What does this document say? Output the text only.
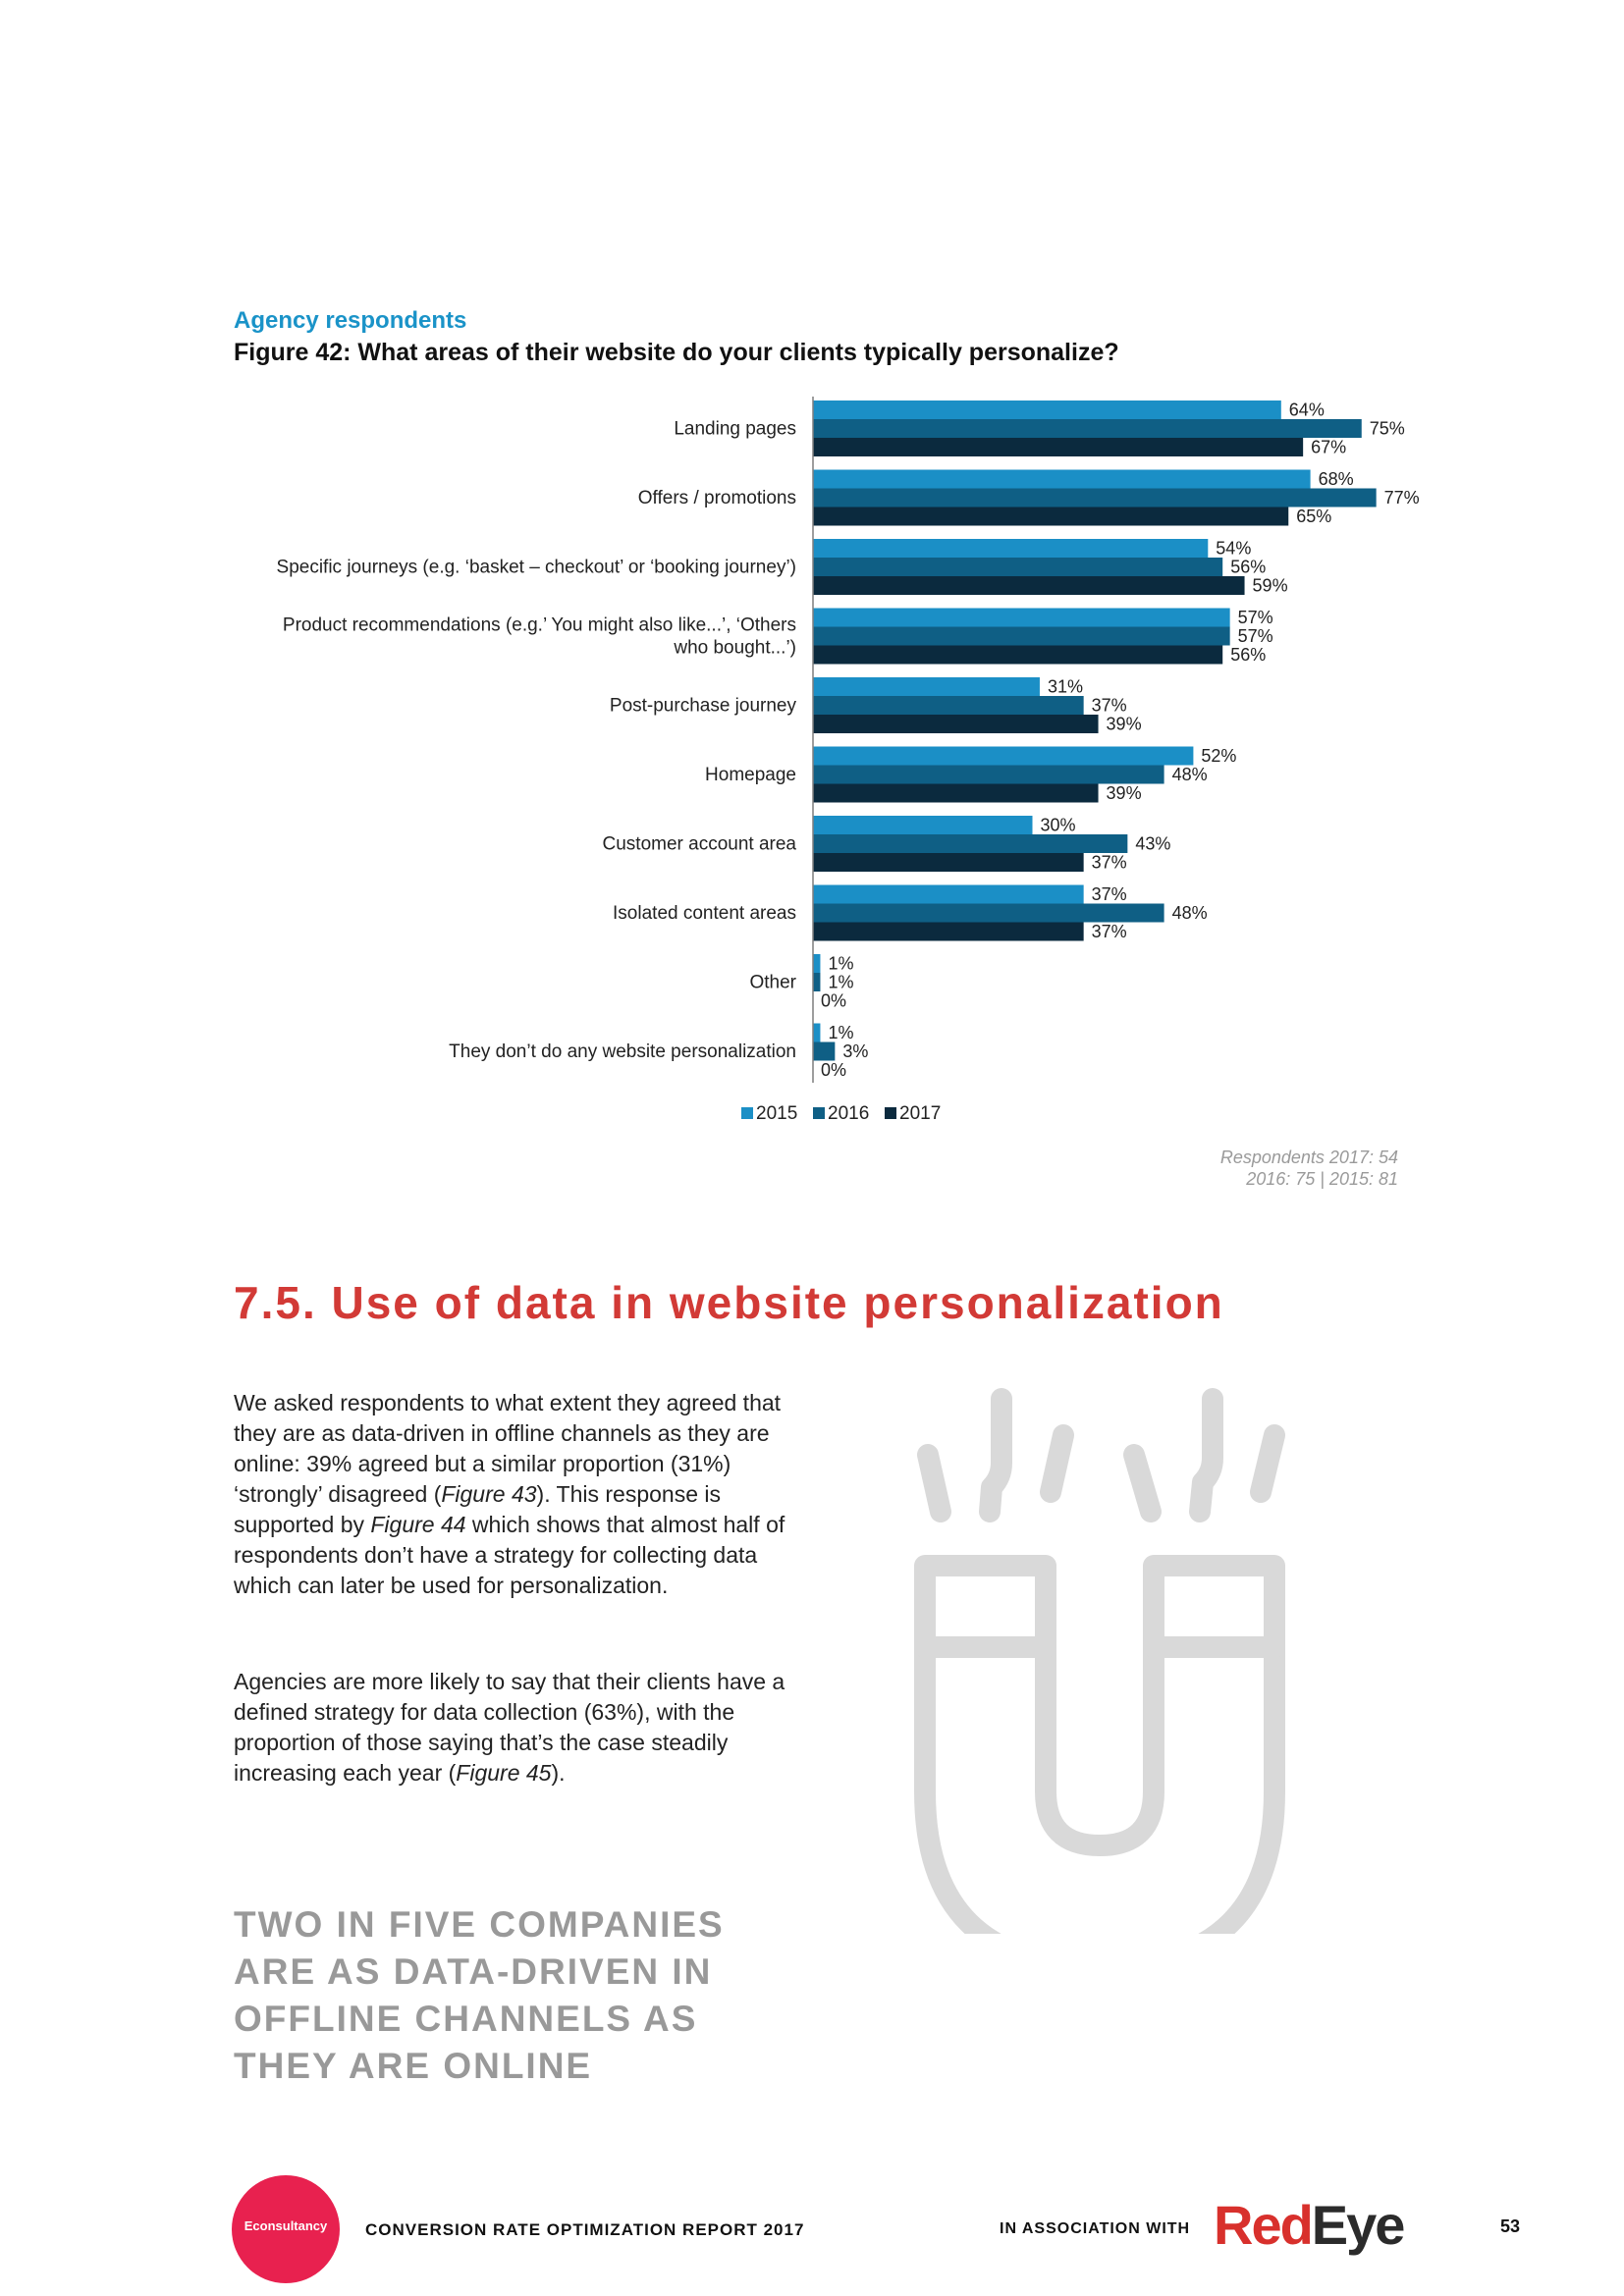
Agency respondents
Figure 42: What areas of their website do your clients typically personalize?
Landing pages
64%
75%
67%
Offers / promotions
68%
77%
65%
Specific journeys (e.g. ‘basket – checkout’ or ‘booking journey’)
54%
56%
59%
Product recommendations (e.g.’ You might also like...’, ‘Others
who bought...’)
57%
57%
56%
Post-purchase journey
31%
37%
39%
Homepage
52%
48%
39%
Customer account area
30%
43%
37%
Isolated content areas
37%
48%
37%
Other
1%
1%
0%
They don’t do any website personalization
1%
3%
0%
2015 2016 2017
Respondents 2017: 54
2016: 75 | 2015: 81
7.5. Use of data in website personalization
We asked respondents to what extent they agreed that they are as data-driven in offline channels as they are online: 39% agreed but a similar proportion (31%) ‘strongly’ disagreed (Figure 43). This response is supported by Figure 44 which shows that almost half of respondents don’t have a strategy for collecting data which can later be used for personalization.
Agencies are more likely to say that their clients have a defined strategy for data collection (63%), with the proportion of those saying that’s the case steadily increasing each year (Figure 45).
TWO IN FIVE COMPANIES ARE AS DATA-DRIVEN IN OFFLINE CHANNELS AS THEY ARE ONLINE
Econsultancy	CONVERSION RATE OPTIMIZATION REPORT 2017	IN ASSOCIATION WITH RedEye	53
